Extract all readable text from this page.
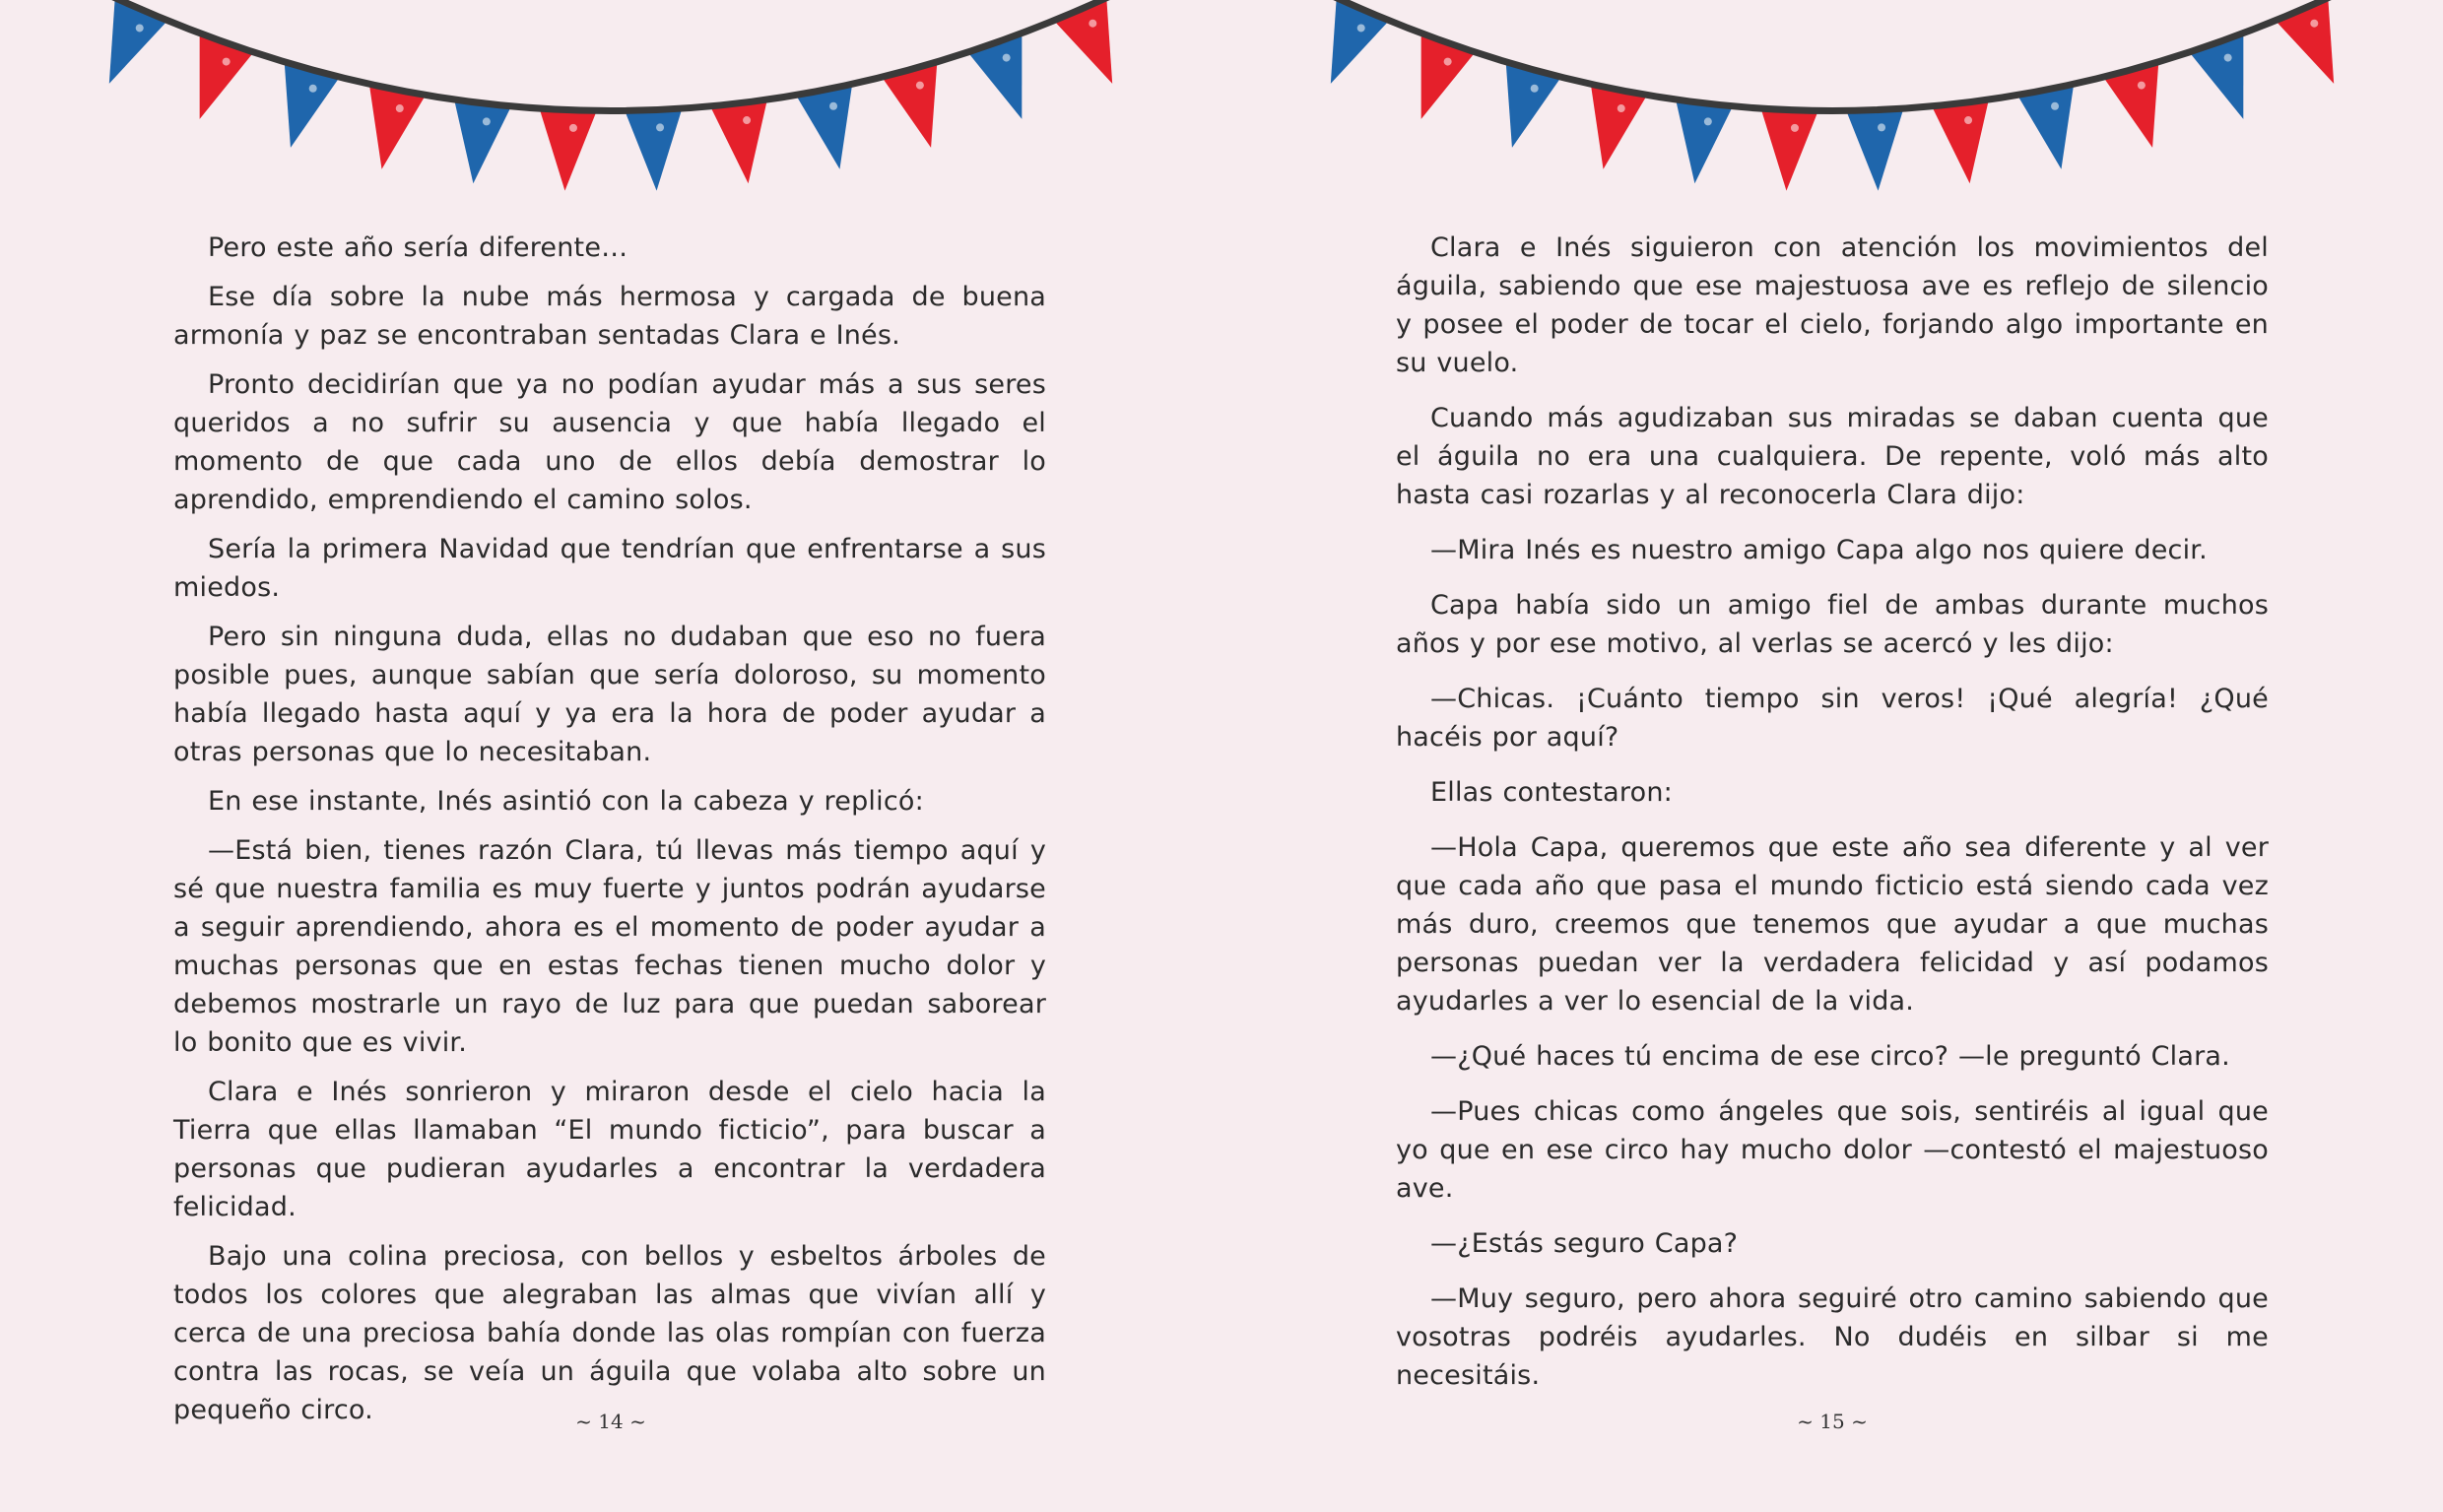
Pero este año sería diferente…

Ese día sobre la nube más hermosa y cargada de buena armonía y paz se encontraban sentadas Clara e Inés.

Pronto decidirían que ya no podían ayudar más a sus seres queridos a no sufrir su ausencia y que había llegado el momento de que cada uno de ellos debía demostrar lo aprendido, emprendiendo el camino solos.

Sería la primera Navidad que tendrían que enfrentarse a sus miedos.

Pero sin ninguna duda, ellas no dudaban que eso no fuera posible pues, aunque sabían que sería doloroso, su momento había llegado hasta aquí y ya era la hora de poder ayudar a otras personas que lo necesitaban.

En ese instante, Inés asintió con la cabeza y replicó:

—Está bien, tienes razón Clara, tú llevas más tiempo aquí y sé que nuestra familia es muy fuerte y juntos podrán ayudarse a seguir aprendiendo, ahora es el momento de poder ayudar a muchas personas que en estas fechas tienen mucho dolor y debemos mostrarle un rayo de luz para que puedan saborear lo bonito que es vivir.

Clara e Inés sonrieron y miraron desde el cielo hacia la Tierra que ellas llamaban “El mundo ficticio”, para buscar a personas que pudieran ayudarles a encontrar la verdadera felicidad.

Bajo una colina preciosa, con bellos y esbeltos árboles de todos los colores que alegraban las almas que vivían allí y cerca de una preciosa bahía donde las olas rompían con fuerza contra las rocas, se veía un águila que volaba alto sobre un pequeño circo.	~ 14 ~

Clara e Inés siguieron con atención los movimientos del águila, sabiendo que ese majestuosa ave es reflejo de silencio y posee el poder de tocar el cielo, forjando algo importante en su vuelo.

Cuando más agudizaban sus miradas se daban cuenta que el águila no era una cualquiera. De repente, voló más alto hasta casi rozarlas y al reconocerla Clara dijo:

—Mira Inés es nuestro amigo Capa algo nos quiere decir.

Capa había sido un amigo fiel de ambas durante muchos años y por ese motivo, al verlas se acercó y les dijo:

—Chicas. ¡Cuánto tiempo sin veros! ¡Qué alegría! ¿Qué hacéis por aquí?

Ellas contestaron:

—Hola Capa, queremos que este año sea diferente y al ver que cada año que pasa el mundo ficticio está siendo cada vez más duro, creemos que tenemos que ayudar a que muchas personas puedan ver la verdadera felicidad y así podamos ayudarles a ver lo esencial de la vida.

—¿Qué haces tú encima de ese circo? —le preguntó Clara.

—Pues chicas como ángeles que sois, sentiréis al igual que yo que en ese circo hay mucho dolor —contestó el majestuoso ave.

—¿Estás seguro Capa?

—Muy seguro, pero ahora seguiré otro camino sabiendo que vosotras podréis ayudarles. No dudéis en silbar si me necesitáis.

~ 15 ~
